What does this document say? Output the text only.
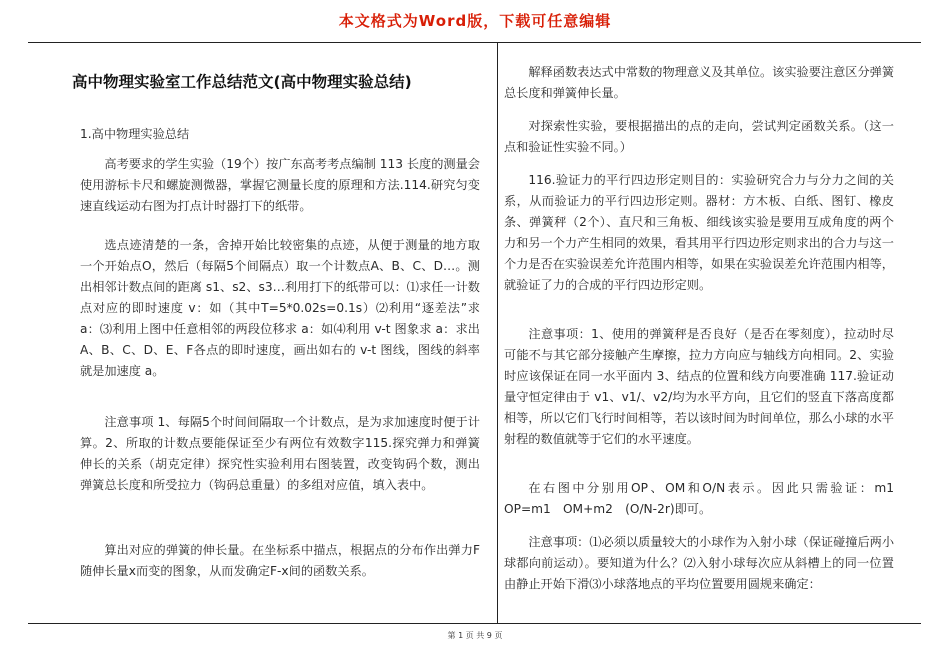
本文格式为Word版，下载可任意编辑
高中物理实验室工作总结范文(高中物理实验总结)
1.高中物理实验总结
高考要求的学生实验（19个）按广东高考考点编制 113 长度的测量会使用游标卡尺和螺旋测微器，掌握它测量长度的原理和方法.114.研究匀变速直线运动右图为打点计时器打下的纸带。
选点迹清楚的一条，舍掉开始比较密集的点迹，从便于测量的地方取一个开始点O，然后（每隔5个间隔点）取一个计数点A、B、C、D…。测出相邻计数点间的距离 s1、s2、s3…利用打下的纸带可以：⑴求任一计数点对应的即时速度 v：如（其中T=5*0.02s=0.1s）⑵利用“逐差法”求 a：⑶利用上图中任意相邻的两段位移求 a：如⑷利用 v-t 图象求 a：求出A、B、C、D、E、F各点的即时速度，画出如右的 v-t 图线，图线的斜率就是加速度 a。
注意事项 1、每隔5个时间间隔取一个计数点，是为求加速度时便于计算。2、所取的计数点要能保证至少有两位有效数字115.探究弹力和弹簧伸长的关系（胡克定律）探究性实验利用右图装置，改变钩码个数，测出弹簧总长度和所受拉力（钩码总重量）的多组对应值，填入表中。
算出对应的弹簧的伸长量。在坐标系中描点，根据点的分布作出弹力F随伸长量x而变的图象，从而发确定F-x间的函数关系。
解释函数表达式中常数的物理意义及其单位。该实验要注意区分弹簧总长度和弹簧伸长量。
对探索性实验，要根据描出的点的走向，尝试判定函数关系。（这一点和验证性实验不同。）
116.验证力的平行四边形定则目的：实验研究合力与分力之间的关系，从而验证力的平行四边形定则。器材：方木板、白纸、图钉、橡皮条、弹簧秤（2个）、直尺和三角板、细线该实验是要用互成角度的两个力和另一个力产生相同的效果，看其用平行四边形定则求出的合力与这一个力是否在实验误差允许范围内相等，如果在实验误差允许范围内相等，就验证了力的合成的平行四边形定则。
注意事项：1、使用的弹簧秤是否良好（是否在零刻度），拉动时尽可能不与其它部分接触产生摩擦，拉力方向应与轴线方向相同。2、实验时应该保证在同一水平面内 3、结点的位置和线方向要准确 117.验证动量守恒定律由于 v1、v1/、v2/均为水平方向，且它们的竖直下落高度都相等，所以它们飞行时间相等，若以该时间为时间单位，那么小球的水平射程的数值就等于它们的水平速度。
在右图中分别用OP、OM和O/N表示。因此只需验证：m1　OP=m1　OM+m2　(O/N-2r)即可。
注意事项：⑴必须以质量较大的小球作为入射小球（保证碰撞后两小球都向前运动）。要知道为什么？⑵入射小球每次应从斜槽上的同一位置由静止开始下滑⑶小球落地点的平均位置要用圆规来确定：
第 1 页 共 9 页
